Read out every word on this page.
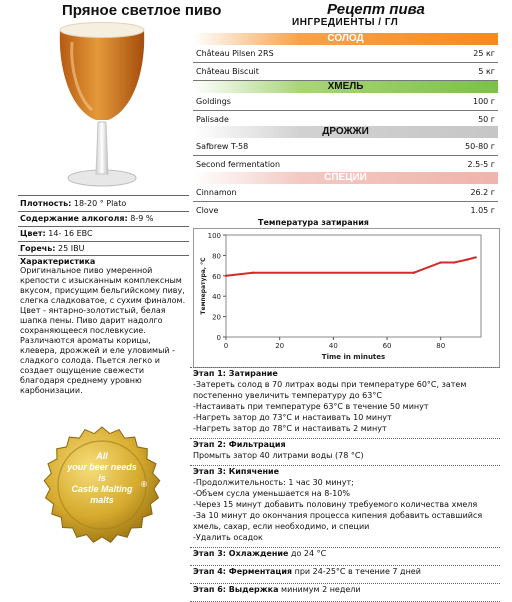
Пряное светлое пиво	Рецепт пива
ИНГРЕДИЕНТЫ / ГЛ
Плотность: 18-20 ° Plato
Содержание алкоголя: 8-9 %
Цвет: 14- 16 EBC
Горечь: 25 IBU
Характеристика
Оригинальное пиво умеренной крепости с изысканным комплексным вкусом, присущим бельгийскому пиву, слегка сладковатое, с сухим финалом. Цвет - янтарно-золотистый, белая шапка пены. Пиво дарит надолго сохраняющееся послевкусие. Различаются ароматы корицы, клевера, дрожжей и еле уловимый - сладкого солода. Пьется легко и создает ощущение свежести благодаря среднему уровню карбонизации.
All
your beer needs
is
Castle Malting
malts
®
СОЛОД
Château Pilsen 2RS	25 кг
Château Biscuit	5 кг
ХМЕЛЬ
Goldings	100 г
Palisade	50 г
ДРОЖЖИ
Safbrew T-58	50-80 г
Second fermentation	2.5-5 г
СПЕЦИИ
Cinnamon	26.2 г
Clove	1.05 г
Температура затирания
0
20
40
60
80
100
0	20	40	60	80
Time in minutes
Температура, °C
Этап 1: Затирание
-Затереть солод в 70 литрах воды при температуре 60°С, затем
постепенно увеличить температуру до 63°С
-Настаивать при температуре 63°С в течение 50 минут
-Нагреть затор до 73°С и настаивать 10 минут
-Нагреть затор до 78°С и настаивать 2 минут
Этап 2: Фильтрация
Промыть затор 40 литрами воды (78 °С)
Этап 3: Кипячение
-Продолжительность: 1 час 30 минут;
-Объем сусла уменьшается на 8-10%
-Через 15 минут добавить половину требуемого количества хмеля
-За 10 минут до окончания процесса кипения добавить оставшийся
хмель, сахар, если необходимо, и специи
-Удалить осадок
Этап 3: Охлаждение до 24 °С
Этап 4: Ферментация при 24-25°С в течение 7 дней
Этап 6: Выдержка минимум 2 недели
